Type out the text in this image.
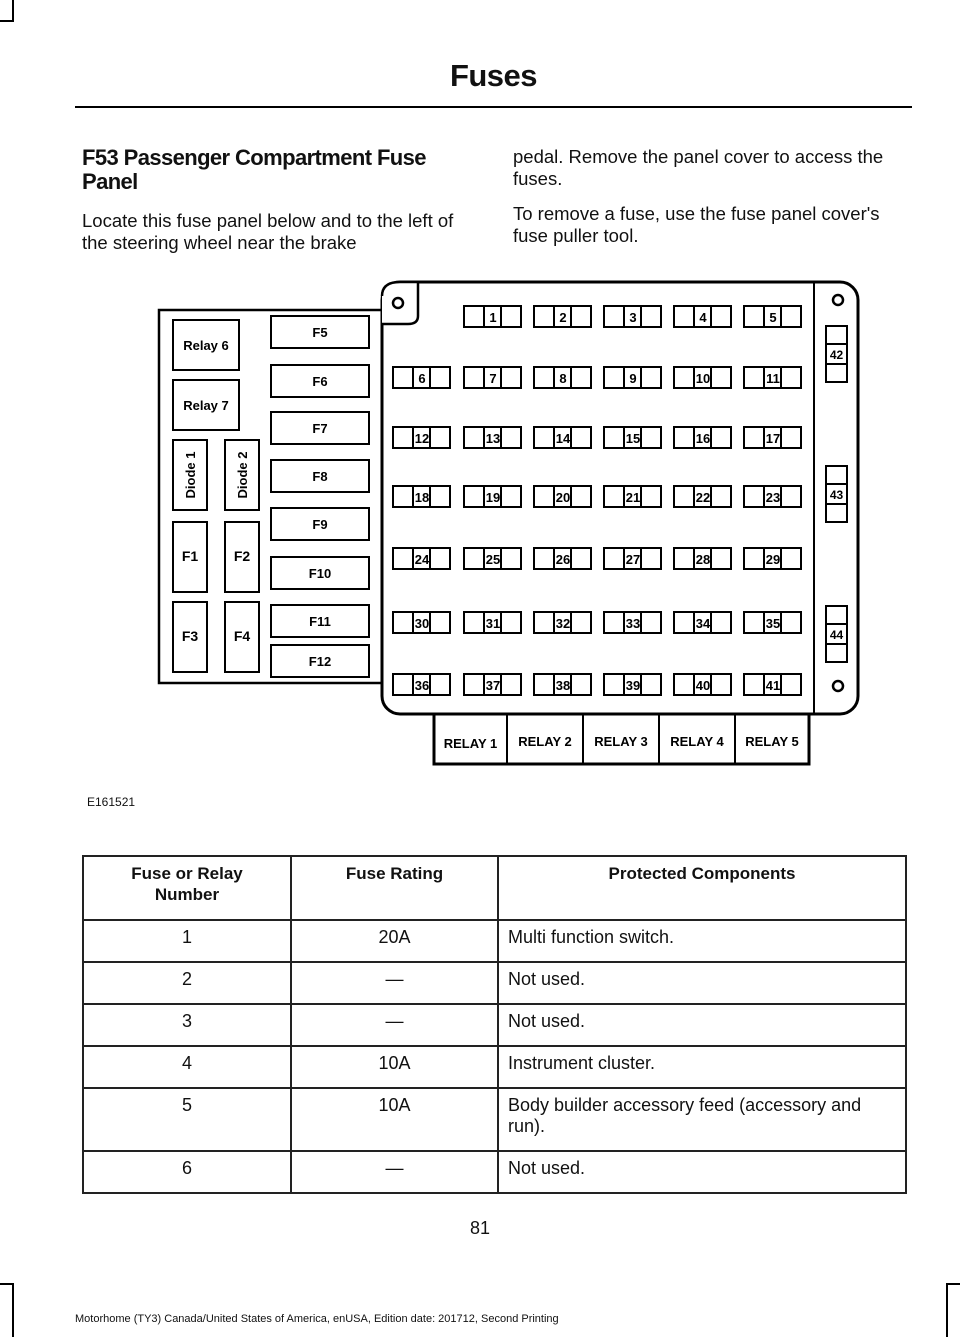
Fuses
F53 Passenger Compartment Fuse Panel

Locate this fuse panel below and to the left of the steering wheel near the brake

pedal. Remove the panel cover to access the fuses.

To remove a fuse, use the fuse panel cover's fuse puller tool.

Relay 6
Relay 7
Diode 1	Diode 2
F1	F2
F3	F4
F5
F6
F7
F8
F9
F10
F11
F12
1	2	3	4	5
6	7	8	9	10	11
12	13	14	15	16	17
18	19	20	21	22	23
24	25	26	27	28	29
30	31	32	33	34	35
36	37	38	39	40	41
42
43
44
RELAY 1 RELAY 2 RELAY 3 RELAY 4 RELAY 5
E161521
Fuse or Relay Number	Fuse Rating	Protected Components
1	20A	Multi function switch.
2	—	Not used.
3	—	Not used.
4	10A	Instrument cluster.
5	10A	Body builder accessory feed (accessory and run).
6	—	Not used.
81
Motorhome (TY3) Canada/United States of America, enUSA, Edition date: 201712, Second Printing
